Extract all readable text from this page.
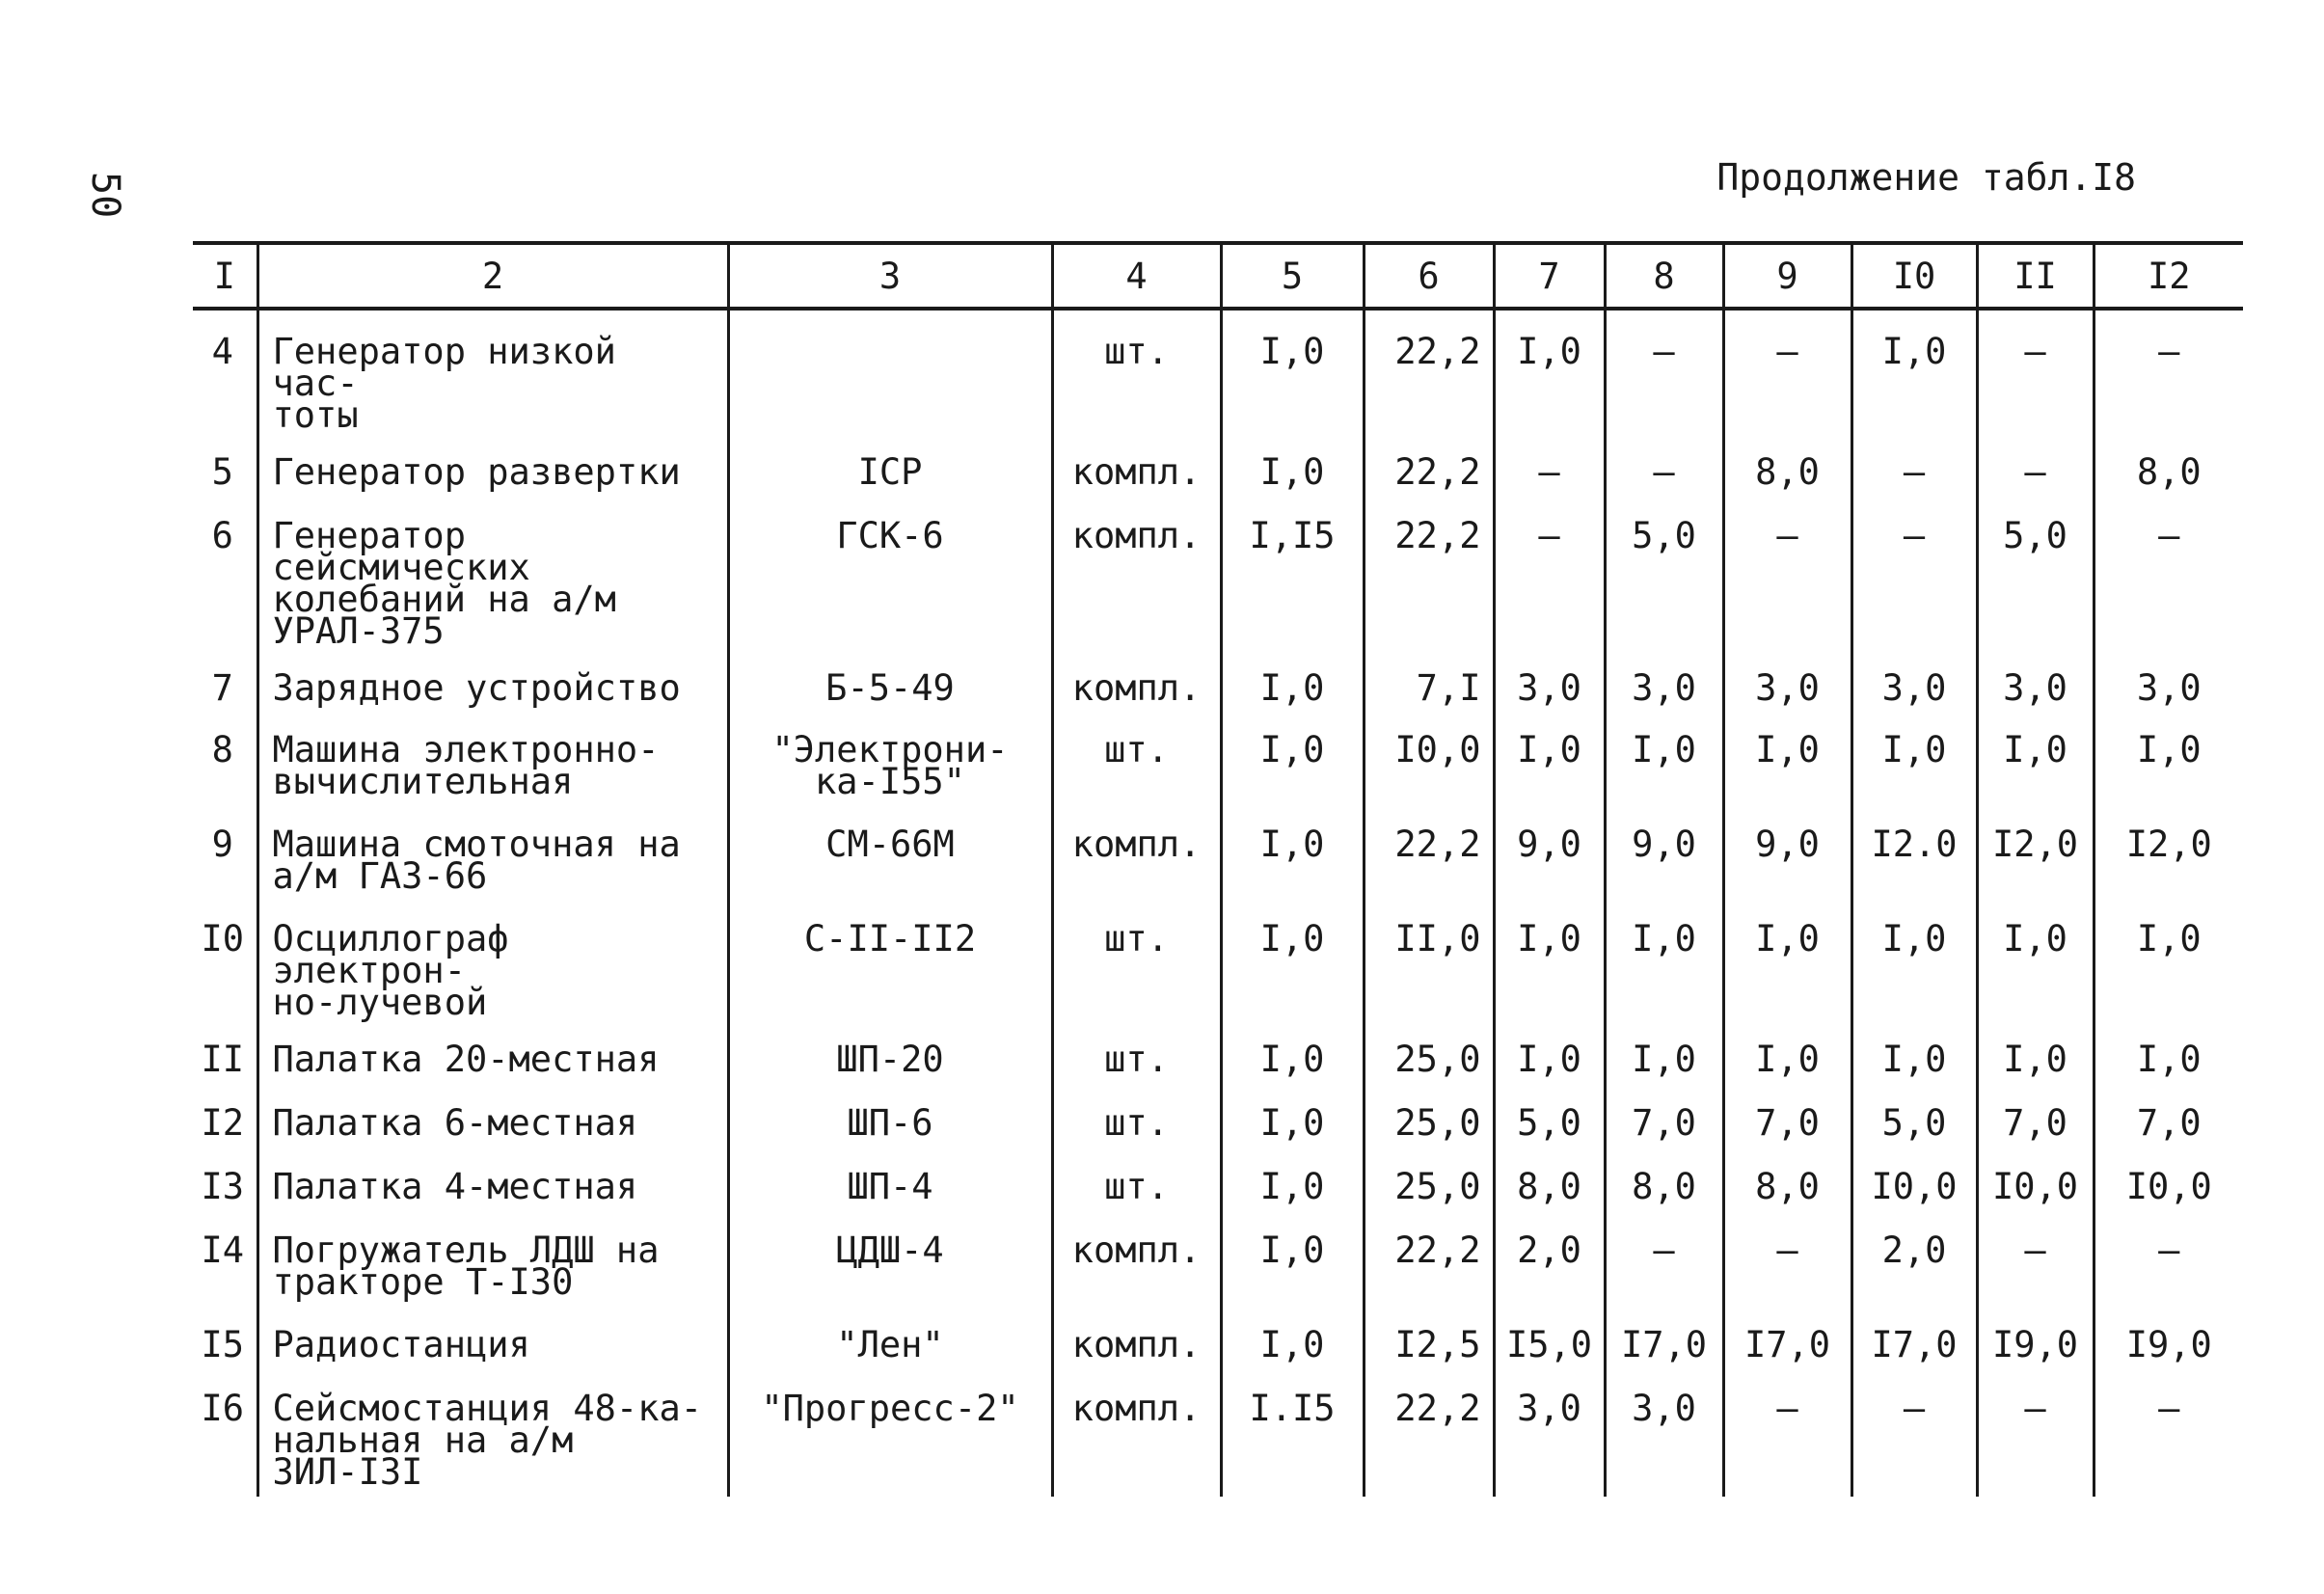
50	Продолжение табл.I8
I	2	3	4	5	6	7	8	9	I0	II	I2
4	Генератор низкой час-
тоты		шт.	I,0	22,2	I,0	–	–	I,0	–	–
5	Генератор развертки	ICP	компл.	I,0	22,2	–	–	8,0	–	–	8,0
6	Генератор сейсмических
колебаний на а/м
УРАЛ-375	ГСК-6	компл.	I,I5	22,2	–	5,0	–	–	5,0	–
7	Зарядное устройство	Б-5-49	компл.	I,0	7,I	3,0	3,0	3,0	3,0	3,0	3,0
8	Машина электронно-
вычислительная	"Электрони-
ка-I55"	шт.	I,0	I0,0	I,0	I,0	I,0	I,0	I,0	I,0
9	Машина смоточная на
а/м ГАЗ-66	СМ-66М	компл.	I,0	22,2	9,0	9,0	9,0	I2.0	I2,0	I2,0
I0	Осциллограф электрон-
но-лучевой	С-II-II2	шт.	I,0	II,0	I,0	I,0	I,0	I,0	I,0	I,0
II	Палатка 20-местная	ШП-20	шт.	I,0	25,0	I,0	I,0	I,0	I,0	I,0	I,0
I2	Палатка 6-местная	ШП-6	шт.	I,0	25,0	5,0	7,0	7,0	5,0	7,0	7,0
I3	Палатка 4-местная	ШП-4	шт.	I,0	25,0	8,0	8,0	8,0	I0,0	I0,0	I0,0
I4	Погружатель ЛДШ на
тракторе Т-I30	ЦДШ-4	компл.	I,0	22,2	2,0	–	–	2,0	–	–
I5	Радиостанция	"Лен"	компл.	I,0	I2,5	I5,0	I7,0	I7,0	I7,0	I9,0	I9,0
I6	Сейсмостанция 48-ка-
нальная на а/м
ЗИЛ-I3I	"Прогресс-2"	компл.	I.I5	22,2	3,0	3,0	–	–	–	–
